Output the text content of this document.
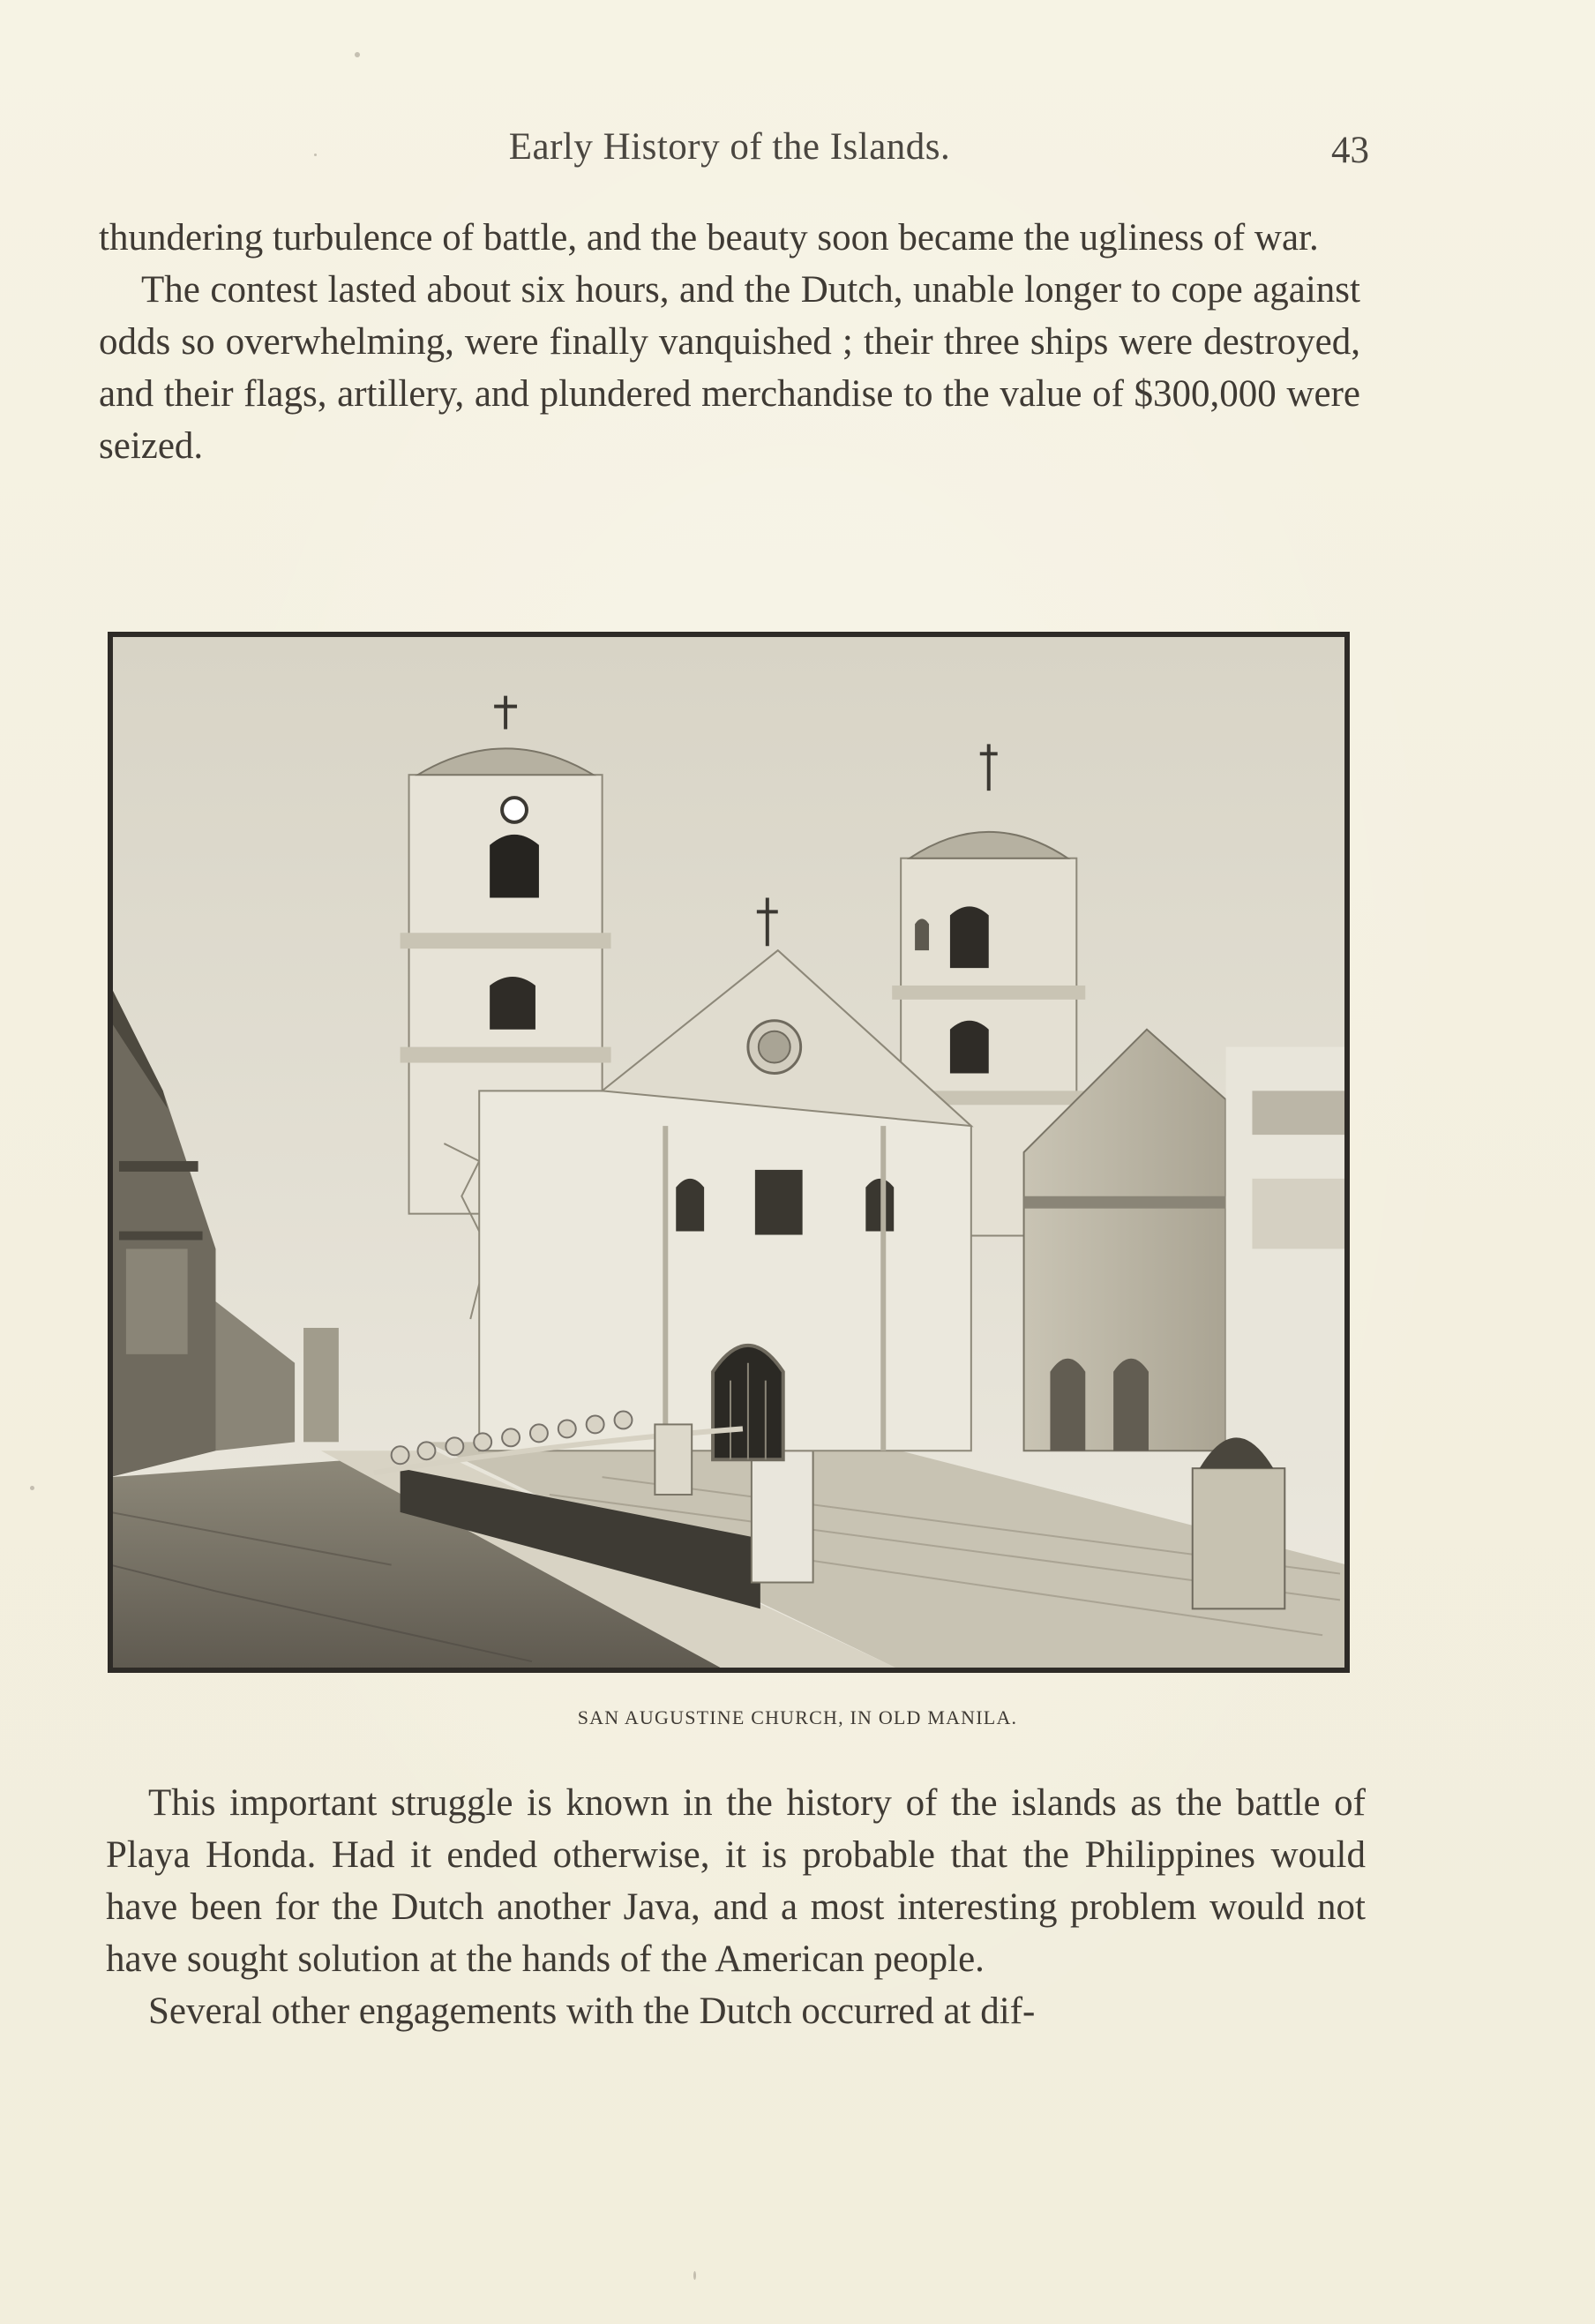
Early History of the Islands.	43

thundering turbulence of battle, and the beauty soon became the ugliness of war.

The contest lasted about six hours, and the Dutch, unable longer to cope against odds so overwhelming, were finally vanquished ; their three ships were destroyed, and their flags, artillery, and plundered merchandise to the value of $300,000 were seized.

SAN AUGUSTINE CHURCH, IN OLD MANILA.

This important struggle is known in the history of the islands as the battle of Playa Honda. Had it ended otherwise, it is probable that the Philippines would have been for the Dutch another Java, and a most interesting problem would not have sought solution at the hands of the American people.

Several other engagements with the Dutch occurred at dif-
